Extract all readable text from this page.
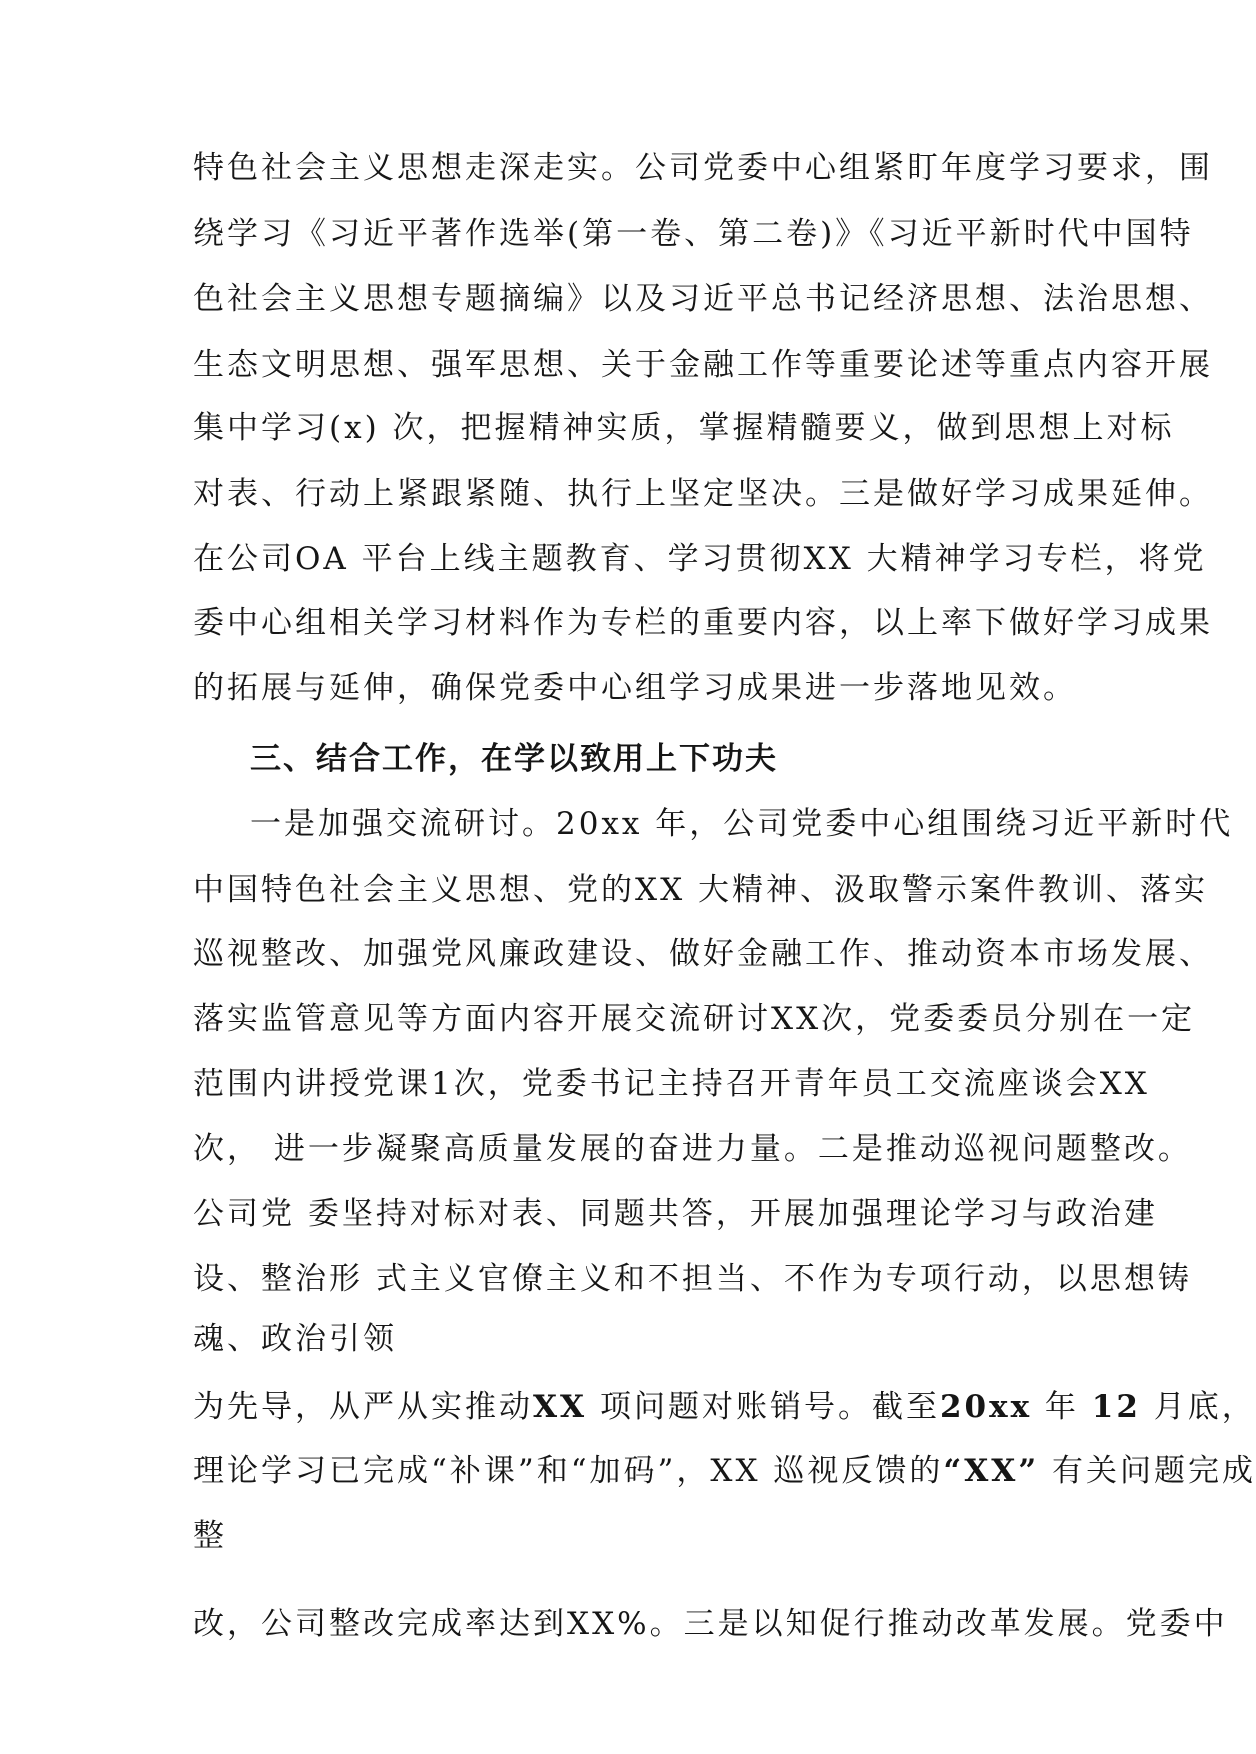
特色社会主义思想走深走实。公司党委中心组紧盯年度学习要求，围

绕学习《习近平著作选举(第一卷、第二卷)》《习近平新时代中国特

色社会主义思想专题摘编》以及习近平总书记经济思想、法治思想、

生态文明思想、强军思想、关于金融工作等重要论述等重点内容开展

集中学习(x) 次，把握精神实质，掌握精髓要义，做到思想上对标

对表、行动上紧跟紧随、执行上坚定坚决。三是做好学习成果延伸。

在公司OA 平台上线主题教育、学习贯彻XX 大精神学习专栏，将党

委中心组相关学习材料作为专栏的重要内容，以上率下做好学习成果

的拓展与延伸，确保党委中心组学习成果进一步落地见效。

三、结合工作，在学以致用上下功夫

一是加强交流研讨。20xx 年，公司党委中心组围绕习近平新时代

中国特色社会主义思想、党的XX 大精神、汲取警示案件教训、落实

巡视整改、加强党风廉政建设、做好金融工作、推动资本市场发展、

落实监管意见等方面内容开展交流研讨XX次，党委委员分别在一定

范围内讲授党课1次，党委书记主持召开青年员工交流座谈会XX

次， 进一步凝聚高质量发展的奋进力量。二是推动巡视问题整改。

公司党 委坚持对标对表、同题共答，开展加强理论学习与政治建

设、整治形 式主义官僚主义和不担当、不作为专项行动，以思想铸

魂、政治引领

为先导，从严从实推动XX 项问题对账销号。截至20xx 年 12 月底，

理论学习已完成“补课”和“加码”，XX 巡视反馈的“XX” 有关问题完成

整

改，公司整改完成率达到XX%。三是以知促行推动改革发展。党委中
